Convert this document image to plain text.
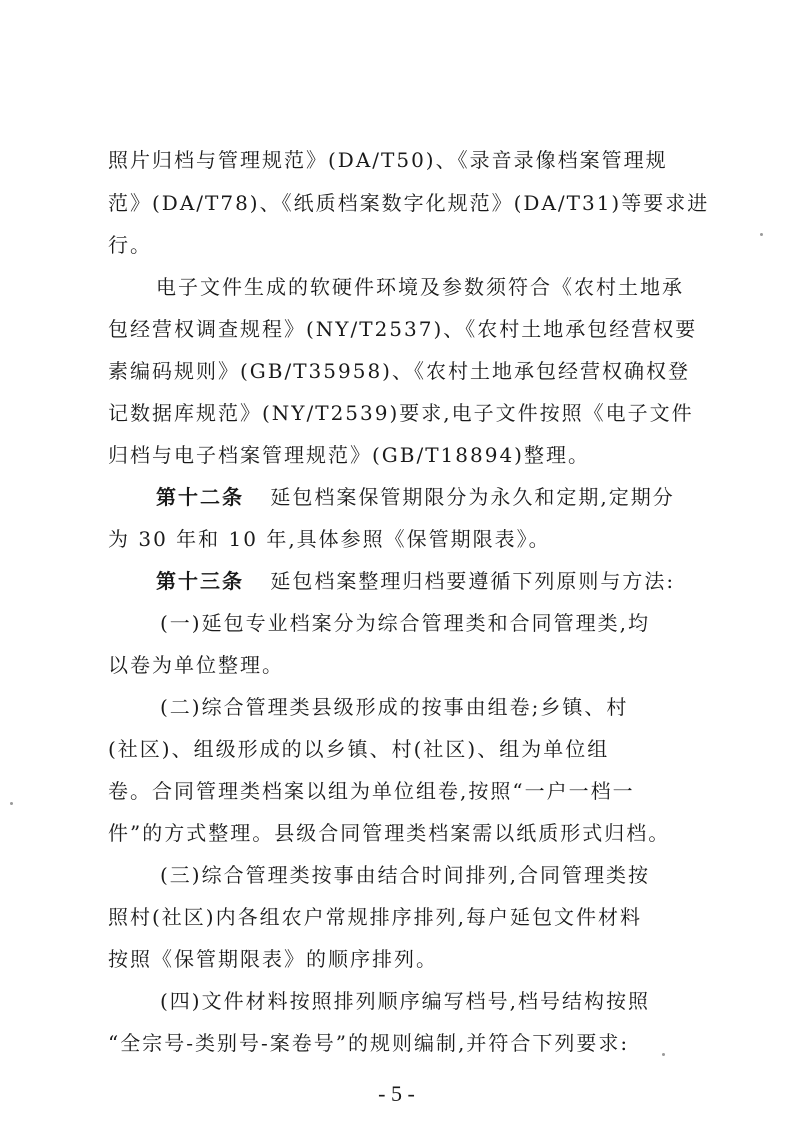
照片归档与管理规范》(DA/T50)、《录音录像档案管理规
范》(DA/T78)、《纸质档案数字化规范》(DA/T31)等要求进
行。
电子文件生成的软硬件环境及参数须符合《农村土地承
包经营权调查规程》(NY/T2537)、《农村土地承包经营权要
素编码规则》(GB/T35958)、《农村土地承包经营权确权登
记数据库规范》(NY/T2539)要求,电子文件按照《电子文件
归档与电子档案管理规范》(GB/T18894)整理。
第十二条 延包档案保管期限分为永久和定期,定期分
为 30 年和 10 年,具体参照《保管期限表》。
第十三条 延包档案整理归档要遵循下列原则与方法:
(一)延包专业档案分为综合管理类和合同管理类,均
以卷为单位整理。
(二)综合管理类县级形成的按事由组卷;乡镇、村
(社区)、组级形成的以乡镇、村(社区)、组为单位组
卷。合同管理类档案以组为单位组卷,按照“一户一档一
件”的方式整理。县级合同管理类档案需以纸质形式归档。
(三)综合管理类按事由结合时间排列,合同管理类按
照村(社区)内各组农户常规排序排列,每户延包文件材料
按照《保管期限表》的顺序排列。
(四)文件材料按照排列顺序编写档号,档号结构按照
“全宗号-类别号-案卷号”的规则编制,并符合下列要求:
- 5 -
